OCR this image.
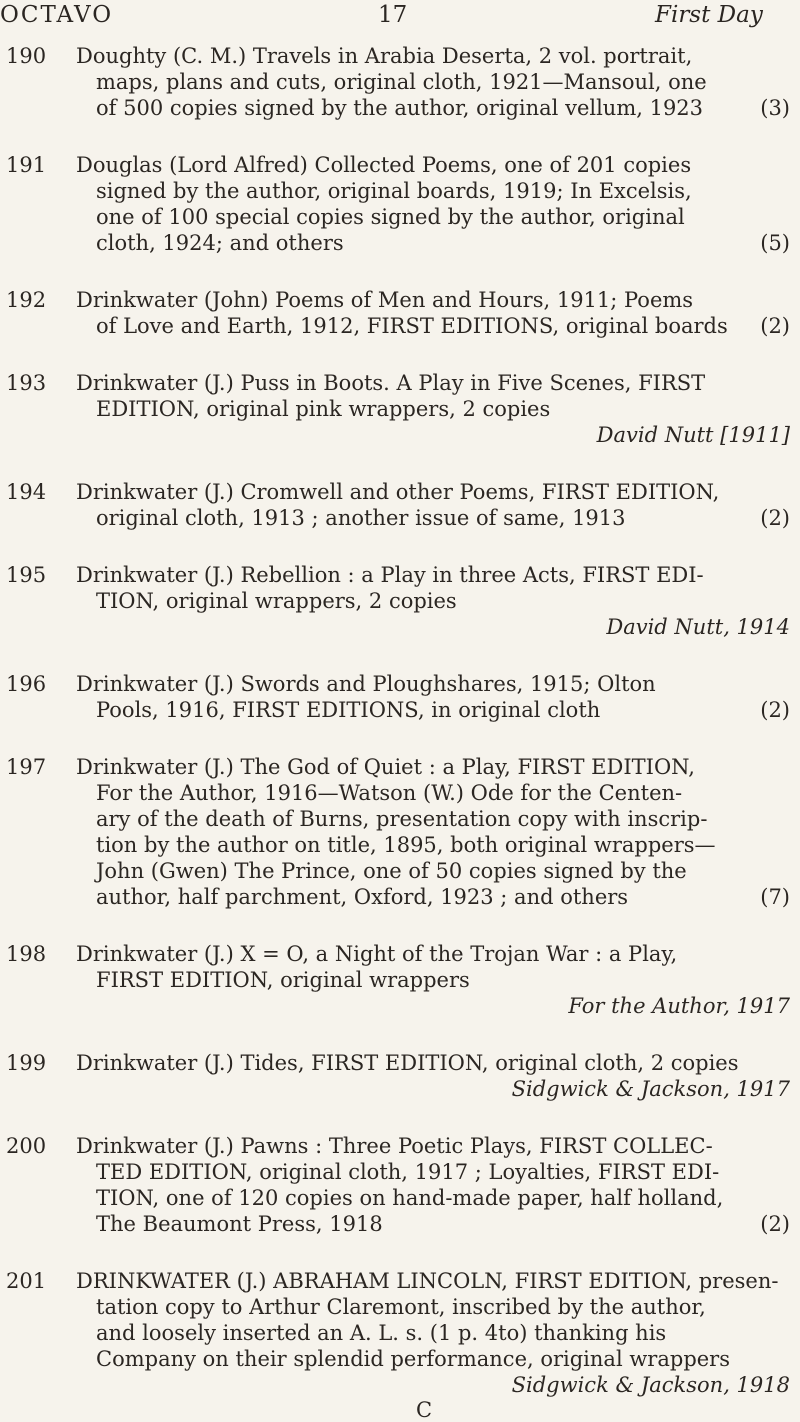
OCTAVO	17	First Day
190	Doughty (C. M.) Travels in Arabia Deserta, 2 vol. portrait,
maps, plans and cuts, original cloth, 1921—Mansoul, one
of 500 copies signed by the author, original vellum, 1923	(3)
191	Douglas (Lord Alfred) Collected Poems, one of 201 copies
signed by the author, original boards, 1919; In Excelsis,
one of 100 special copies signed by the author, original
cloth, 1924; and others	(5)
192	Drinkwater (John) Poems of Men and Hours, 1911; Poems
of Love and Earth, 1912, FIRST EDITIONS, original boards	(2)
193	Drinkwater (J.) Puss in Boots. A Play in Five Scenes, FIRST
EDITION, original pink wrappers, 2 copies
David Nutt [1911]
194	Drinkwater (J.) Cromwell and other Poems, FIRST EDITION,
original cloth, 1913 ; another issue of same, 1913	(2)
195	Drinkwater (J.) Rebellion : a Play in three Acts, FIRST EDI-
TION, original wrappers, 2 copies
David Nutt, 1914
196	Drinkwater (J.) Swords and Ploughshares, 1915; Olton
Pools, 1916, FIRST EDITIONS, in original cloth	(2)
197	Drinkwater (J.) The God of Quiet : a Play, FIRST EDITION,
For the Author, 1916—Watson (W.) Ode for the Centen-
ary of the death of Burns, presentation copy with inscrip-
tion by the author on title, 1895, both original wrappers—
John (Gwen) The Prince, one of 50 copies signed by the
author, half parchment, Oxford, 1923 ; and others	(7)
198	Drinkwater (J.) X = O, a Night of the Trojan War : a Play,
FIRST EDITION, original wrappers
For the Author, 1917
199	Drinkwater (J.) Tides, FIRST EDITION, original cloth, 2 copies
Sidgwick & Jackson, 1917
200	Drinkwater (J.) Pawns : Three Poetic Plays, FIRST COLLEC-
TED EDITION, original cloth, 1917 ; Loyalties, FIRST EDI-
TION, one of 120 copies on hand-made paper, half holland,
The Beaumont Press, 1918	(2)
201	DRINKWATER (J.) ABRAHAM LINCOLN, FIRST EDITION, presen-
tation copy to Arthur Claremont, inscribed by the author,
and loosely inserted an A. L. s. (1 p. 4to) thanking his
Company on their splendid performance, original wrappers
Sidgwick & Jackson, 1918
C
